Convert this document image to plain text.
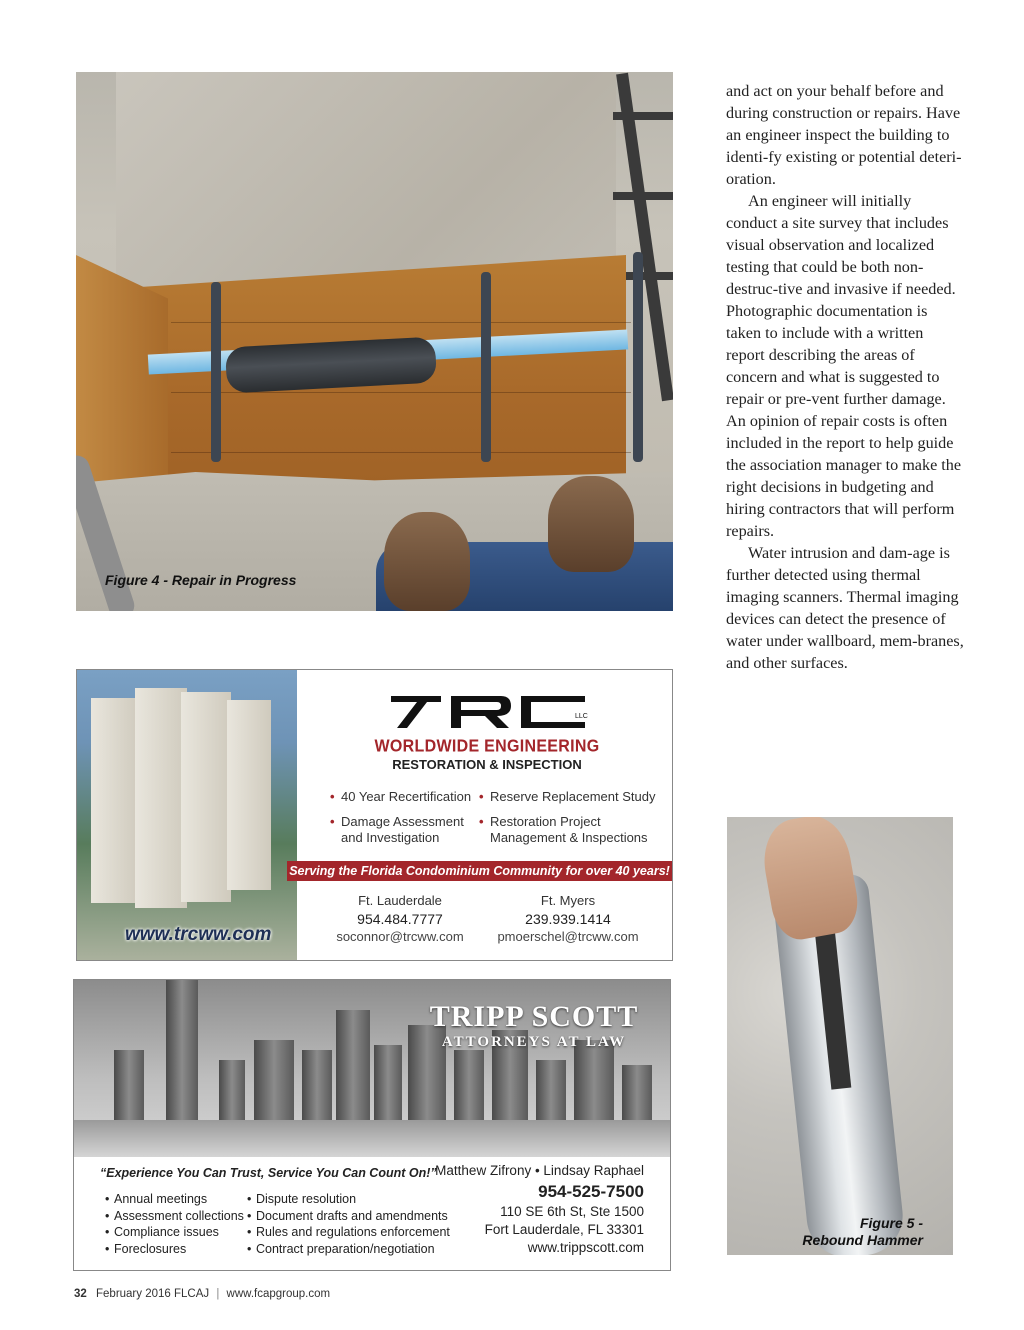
Figure 4 - Repair in Progress

and act on your behalf before and during construction or repairs. Have an engineer inspect the building to identi-fy existing or potential deteri-oration.

An engineer will initially conduct a site survey that includes visual observation and localized testing that could be both non-destruc-tive and invasive if needed. Photographic documentation is taken to include with a written report describing the areas of concern and what is suggested to repair or pre-vent further damage. An opinion of repair costs is often included in the report to help guide the association manager to make the right decisions in budgeting and hiring contractors that will perform repairs.

Water intrusion and dam-age is further detected using thermal imaging scanners. Thermal imaging devices can detect the presence of water under wallboard, mem-branes, and other surfaces.

www.trcww.com
LLC
WORLDWIDE ENGINEERING
RESTORATION & INSPECTION
• 40 Year Recertification
• Reserve Replacement Study
• Damage Assessment and Investigation
• Restoration Project Management & Inspections
Serving the Florida Condominium Community for over 40 years!
Ft. Lauderdale
954.484.7777
soconnor@trcww.com
Ft. Myers
239.939.1414
pmoerschel@trcww.com
TRIPP SCOTT
ATTORNEYS AT LAW
“Experience You Can Trust, Service You Can Count On!”
• Annual meetings
• Assessment collections
• Compliance issues
• Foreclosures
• Dispute resolution
• Document drafts and amendments
• Rules and regulations enforcement
• Contract preparation/negotiation
Matthew Zifrony • Lindsay Raphael
954-525-7500
110 SE 6th St, Ste 1500
Fort Lauderdale, FL 33301
www.trippscott.com
Figure 5 -
Rebound Hammer
32 February 2016 FLCAJ | www.fcapgroup.com
